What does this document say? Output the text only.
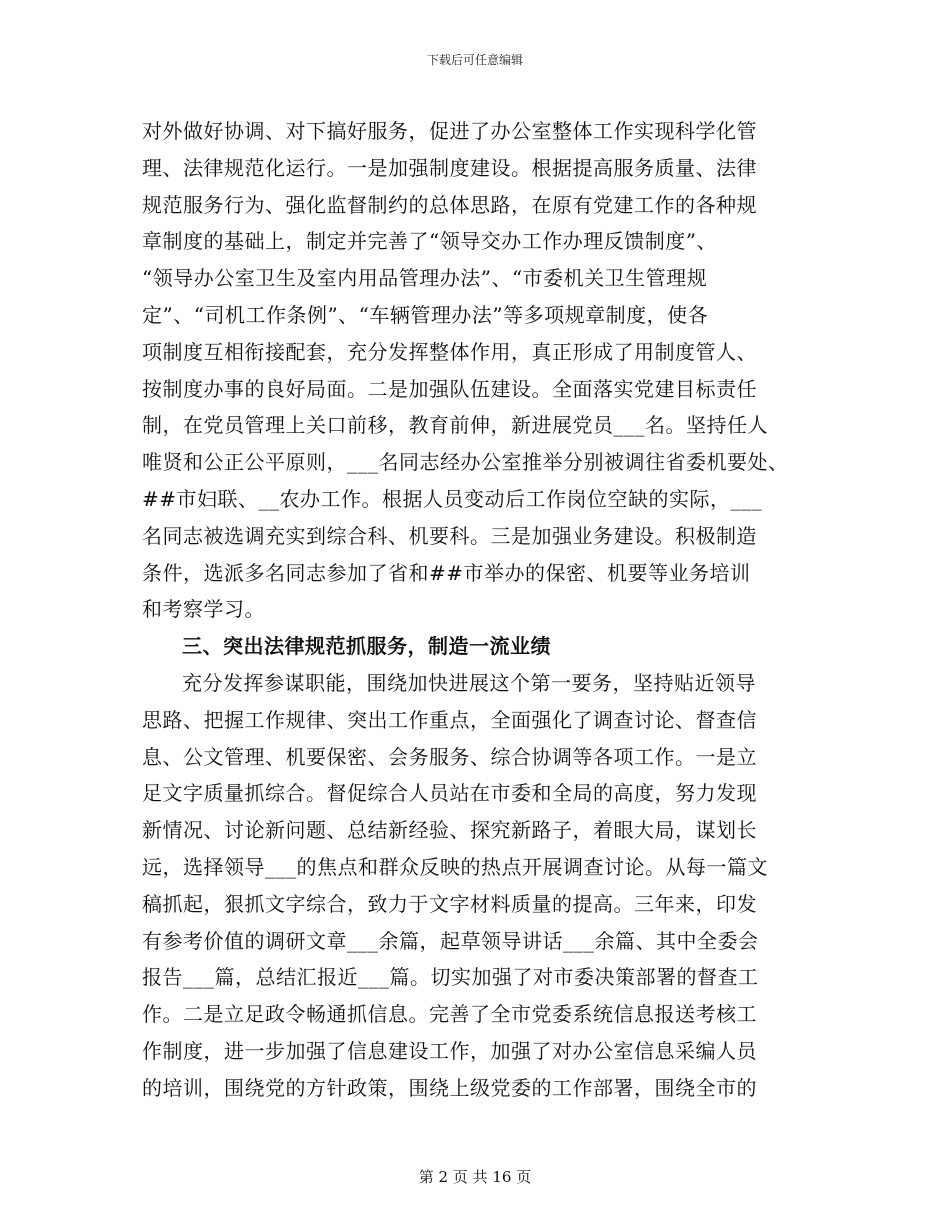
下载后可任意编辑
对外做好协调、对下搞好服务，促进了办公室整体工作实现科学化管
理、法律规范化运行。一是加强制度建设。根据提高服务质量、法律
规范服务行为、强化监督制约的总体思路，在原有党建工作的各种规
章制度的基础上，制定并完善了“领导交办工作办理反馈制度”、
“领导办公室卫生及室内用品管理办法”、“市委机关卫生管理规
定”、“司机工作条例”、“车辆管理办法”等多项规章制度，使各
项制度互相衔接配套，充分发挥整体作用，真正形成了用制度管人、
按制度办事的良好局面。二是加强队伍建设。全面落实党建目标责任
制，在党员管理上关口前移，教育前伸，新进展党员___名。坚持任人
唯贤和公正公平原则，___名同志经办公室推举分别被调往省委机要处、
##市妇联、__农办工作。根据人员变动后工作岗位空缺的实际，___
名同志被选调充实到综合科、机要科。三是加强业务建设。积极制造
条件，选派多名同志参加了省和##市举办的保密、机要等业务培训
和考察学习。
三、突出法律规范抓服务，制造一流业绩
充分发挥参谋职能，围绕加快进展这个第一要务，坚持贴近领导
思路、把握工作规律、突出工作重点，全面强化了调查讨论、督查信
息、公文管理、机要保密、会务服务、综合协调等各项工作。一是立
足文字质量抓综合。督促综合人员站在市委和全局的高度，努力发现
新情况、讨论新问题、总结新经验、探究新路子，着眼大局，谋划长
远，选择领导___的焦点和群众反映的热点开展调查讨论。从每一篇文
稿抓起，狠抓文字综合，致力于文字材料质量的提高。三年来，印发
有参考价值的调研文章___余篇，起草领导讲话___余篇、其中全委会
报告___篇，总结汇报近___篇。切实加强了对市委决策部署的督查工
作。二是立足政令畅通抓信息。完善了全市党委系统信息报送考核工
作制度，进一步加强了信息建设工作，加强了对办公室信息采编人员
的培训，围绕党的方针政策，围绕上级党委的工作部署，围绕全市的
第 2 页 共 16 页
